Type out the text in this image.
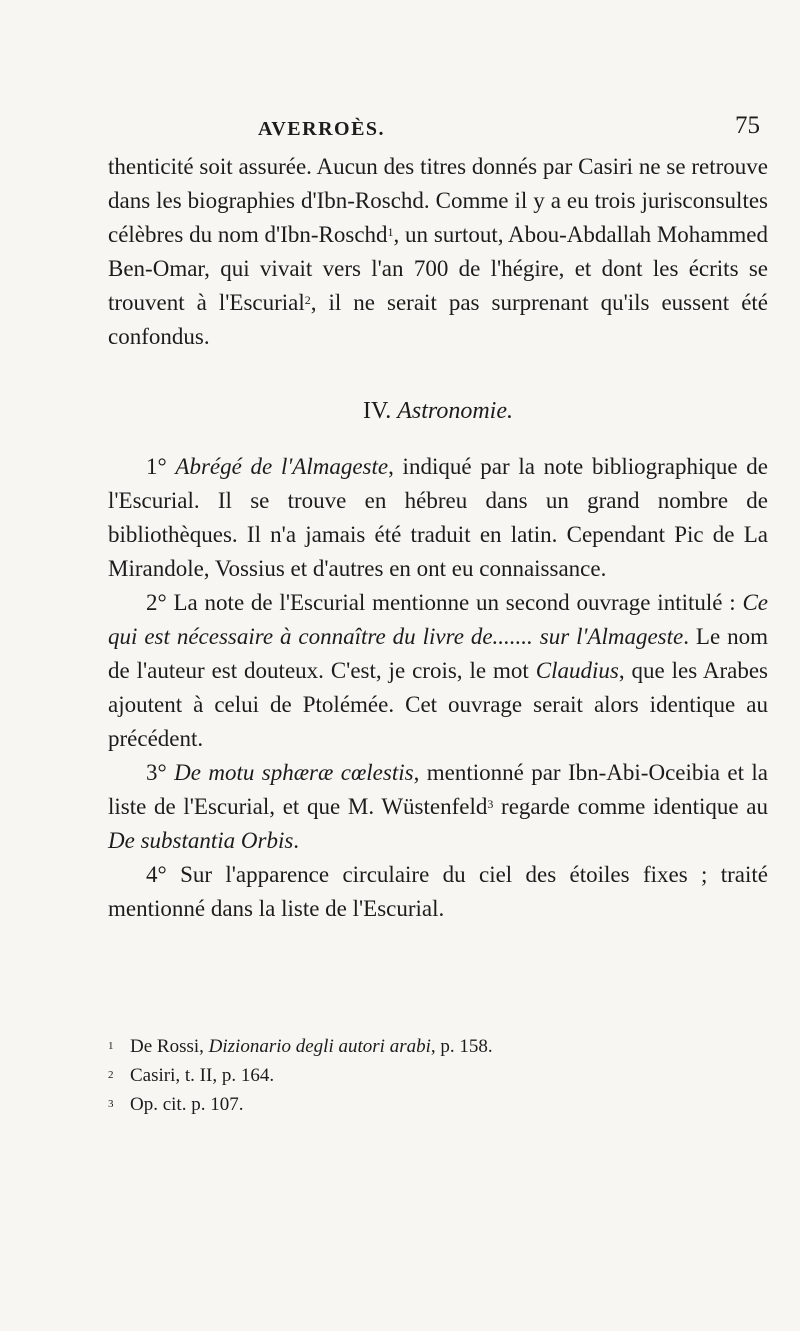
AVERROÈS.	75

thenticité soit assurée. Aucun des titres donnés par Casiri ne se retrouve dans les biographies d'Ibn-Roschd. Comme il y a eu trois jurisconsultes célèbres du nom d'Ibn-Roschd$^1$, un surtout, Abou-Abdallah Mohammed Ben-Omar, qui vivait vers l'an 700 de l'hégire, et dont les écrits se trouvent à l'Escurial$^2$, il ne serait pas surprenant qu'ils eussent été confondus.

IV. Astronomie.

1° Abrégé de l'Almageste, indiqué par la note bibliographique de l'Escurial. Il se trouve en hébreu dans un grand nombre de bibliothèques. Il n'a jamais été traduit en latin. Cependant Pic de La Mirandole, Vossius et d'autres en ont eu connaissance.

2° La note de l'Escurial mentionne un second ouvrage intitulé : Ce qui est nécessaire à connaître du livre de....... sur l'Almageste. Le nom de l'auteur est douteux. C'est, je crois, le mot Claudius, que les Arabes ajoutent à celui de Ptolémée. Cet ouvrage serait alors identique au précédent.

3° De motu sphæræ cœlestis, mentionné par Ibn-Abi-Oceibia et la liste de l'Escurial, et que M. Wüstenfeld$^3$ regarde comme identique au De substantia Orbis.

4° Sur l'apparence circulaire du ciel des étoiles fixes ; traité mentionné dans la liste de l'Escurial.

1 De Rossi, Dizionario degli autori arabi, p. 158.

2 Casiri, t. II, p. 164.

3 Op. cit. p. 107.
